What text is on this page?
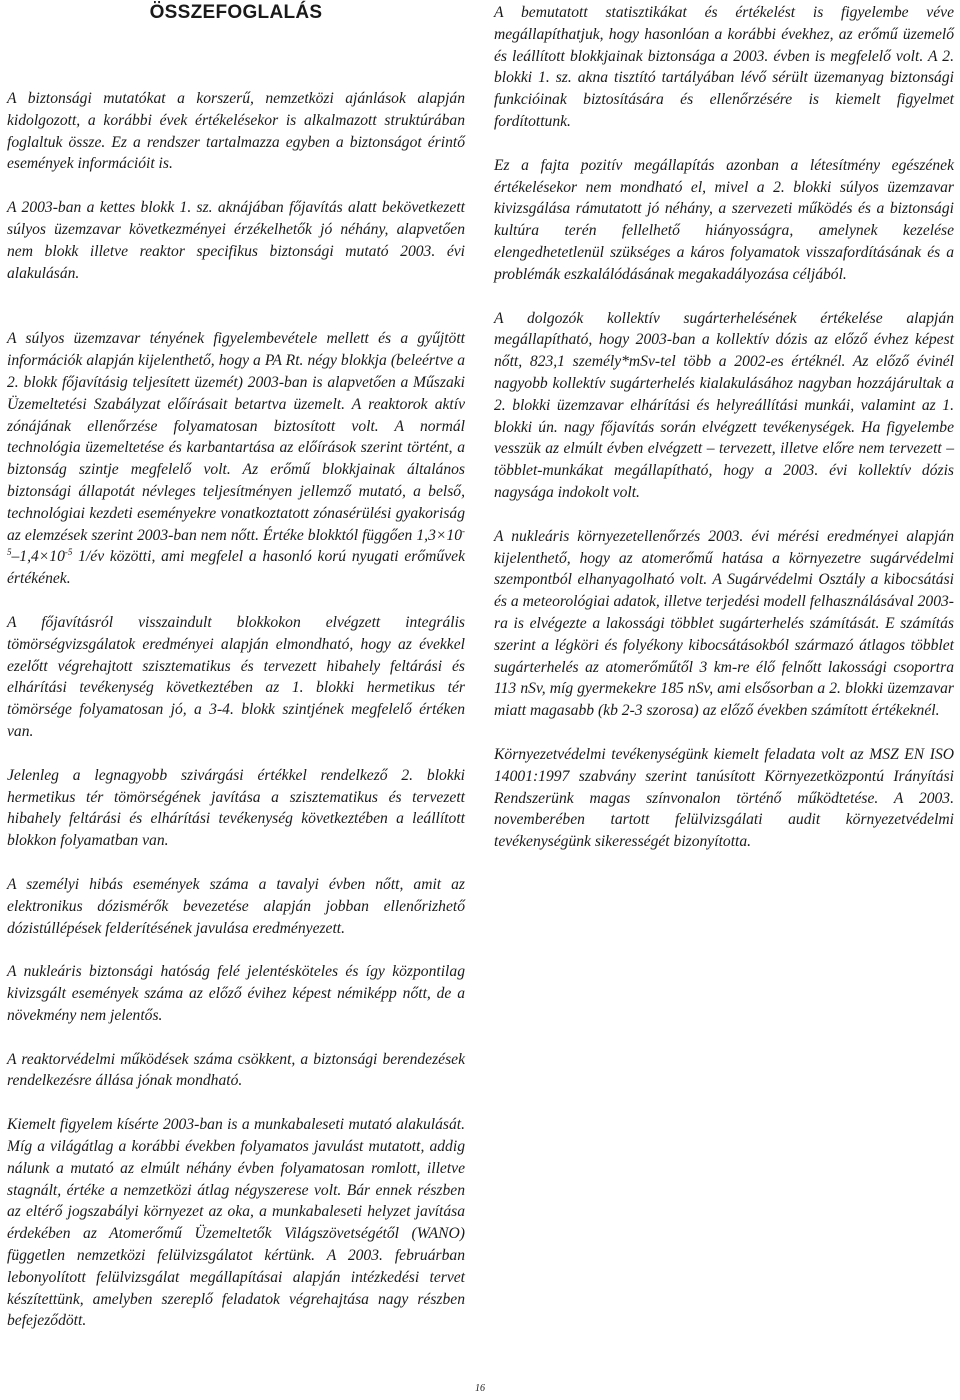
ÖSSZEFOGLALÁS

A biztonsági mutatókat a korszerű, nemzetközi ajánlások alapján kidolgozott, a korábbi évek értékelésekor is alkalmazott struktúrában foglaltuk össze. Ez a rendszer tartalmazza egyben a biztonságot érintő események információit is.

A 2003-ban a kettes blokk 1. sz. aknájában főjavítás alatt bekövetkezett súlyos üzemzavar következményei érzékelhetők jó néhány, alapvetően nem blokk illetve reaktor specifikus biztonsági mutató 2003. évi alakulásán.

A súlyos üzemzavar tényének figyelembevétele mellett és a gyűjtött információk alapján kijelenthető, hogy a PA Rt. négy blokkja (beleértve a 2. blokk főjavításig teljesített üzemét) 2003-ban is alapvetően a Műszaki Üzemeltetési Szabályzat előírásait betartva üzemelt. A reaktorok aktív zónájának ellenőrzése folyamatosan biztosított volt. A normál technológia üzemeltetése és karbantartása az előírások szerint történt, a biztonság szintje megfelelő volt. Az erőmű blokkjainak általános biztonsági állapotát névleges teljesítményen jellemző mutató, a belső, technológiai kezdeti eseményekre vonatkoztatott zónasérülési gyakoriság az elemzések szerint 2003-ban nem nőtt. Értéke blokktól függően $1,3\times 10^{-5}-1,4\times 10^{-5}$ 1/év közötti, ami megfelel a hasonló korú nyugati erőművek értékének.

A főjavításról visszaindult blokkokon elvégzett integrális tömörségvizsgálatok eredményei alapján elmondható, hogy az évekkel ezelőtt végrehajtott szisztematikus és tervezett hibahely feltárási és elhárítási tevékenység következtében az 1. blokki hermetikus tér tömörsége folyamatosan jó, a 3-4. blokk szintjének megfelelő értéken van.

Jelenleg a legnagyobb szivárgási értékkel rendelkező 2. blokki hermetikus tér tömörségének javítása a szisztematikus és tervezett hibahely feltárási és elhárítási tevékenység következtében a leállított blokkon folyamatban van.

A személyi hibás események száma a tavalyi évben nőtt, amit az elektronikus dózismérők bevezetése alapján jobban ellenőrizhető dózistúllépések felderítésének javulása eredményezett.

A nukleáris biztonsági hatóság felé jelentésköteles és így központilag kivizsgált események száma az előző évihez képest némiképp nőtt, de a növekmény nem jelentős.

A reaktorvédelmi működések száma csökkent, a biztonsági berendezések rendelkezésre állása jónak mondható.

Kiemelt figyelem kísérte 2003-ban is a munkabaleseti mutató alakulását. Míg a világátlag a korábbi években folyamatos javulást mutatott, addig nálunk a mutató az elmúlt néhány évben folyamatosan romlott, illetve stagnált, értéke a nemzetközi átlag négyszerese volt. Bár ennek részben az eltérő jogszabályi környezet az oka, a munkabaleseti helyzet javítása érdekében az Atomerőmű Üzemeltetők Világszövetségétől (WANO) független nemzetközi felülvizsgálatot kértünk. A 2003. februárban lebonyolított felülvizsgálat megállapításai alapján intézkedési tervet készítettünk, amelyben szereplő feladatok végrehajtása nagy részben befejeződött.

A bemutatott statisztikákat és értékelést is figyelembe véve megállapíthatjuk, hogy hasonlóan a korábbi évekhez, az erőmű üzemelő és leállított blokkjainak biztonsága a 2003. évben is megfelelő volt. A 2. blokki 1. sz. akna tisztító tartályában lévő sérült üzemanyag biztonsági funkcióinak biztosítására és ellenőrzésére is kiemelt figyelmet fordítottunk.

Ez a fajta pozitív megállapítás azonban a létesítmény egészének értékelésekor nem mondható el, mivel a 2. blokki súlyos üzemzavar kivizsgálása rámutatott jó néhány, a szervezeti működés és a biztonsági kultúra terén fellelhető hiányosságra, amelynek kezelése elengedhetetlenül szükséges a káros folyamatok visszafordításának és a problémák eszkalálódásának megakadályozása céljából.

A dolgozók kollektív sugárterhelésének értékelése alapján megállapítható, hogy 2003-ban a kollektív dózis az előző évhez képest nőtt, 823,1 személy*mSv-tel több a 2002-es értéknél. Az előző évinél nagyobb kollektív sugárterhelés kialakulásához nagyban hozzájárultak a 2. blokki üzemzavar elhárítási és helyreállítási munkái, valamint az 1. blokki ún. nagy főjavítás során elvégzett tevékenységek. Ha figyelembe vesszük az elmúlt évben elvégzett – tervezett, illetve előre nem tervezett – többlet-munkákat megállapítható, hogy a 2003. évi kollektív dózis nagysága indokolt volt.

A nukleáris környezetellenőrzés 2003. évi mérési eredményei alapján kijelenthető, hogy az atomerőmű hatása a környezetre sugárvédelmi szempontból elhanyagolható volt. A Sugárvédelmi Osztály a kibocsátási és a meteorológiai adatok, illetve terjedési modell felhasználásával 2003-ra is elvégezte a lakossági többlet sugárterhelés számítását. E számítás szerint a légköri és folyékony kibocsátásokból származó átlagos többlet sugárterhelés az atomerőműtől 3 km-re élő felnőtt lakossági csoportra 113 nSv, míg gyermekekre 185 nSv, ami elsősorban a 2. blokki üzemzavar miatt magasabb (kb 2-3 szorosa) az előző években számított értékeknél.

Környezetvédelmi tevékenységünk kiemelt feladata volt az MSZ EN ISO 14001:1997 szabvány szerint tanúsított Környezetközpontú Irányítási Rendszerünk magas színvonalon történő működtetése. A 2003. novemberében tartott felülvizsgálati audit környezetvédelmi tevékenységünk sikerességét bizonyította.

16
